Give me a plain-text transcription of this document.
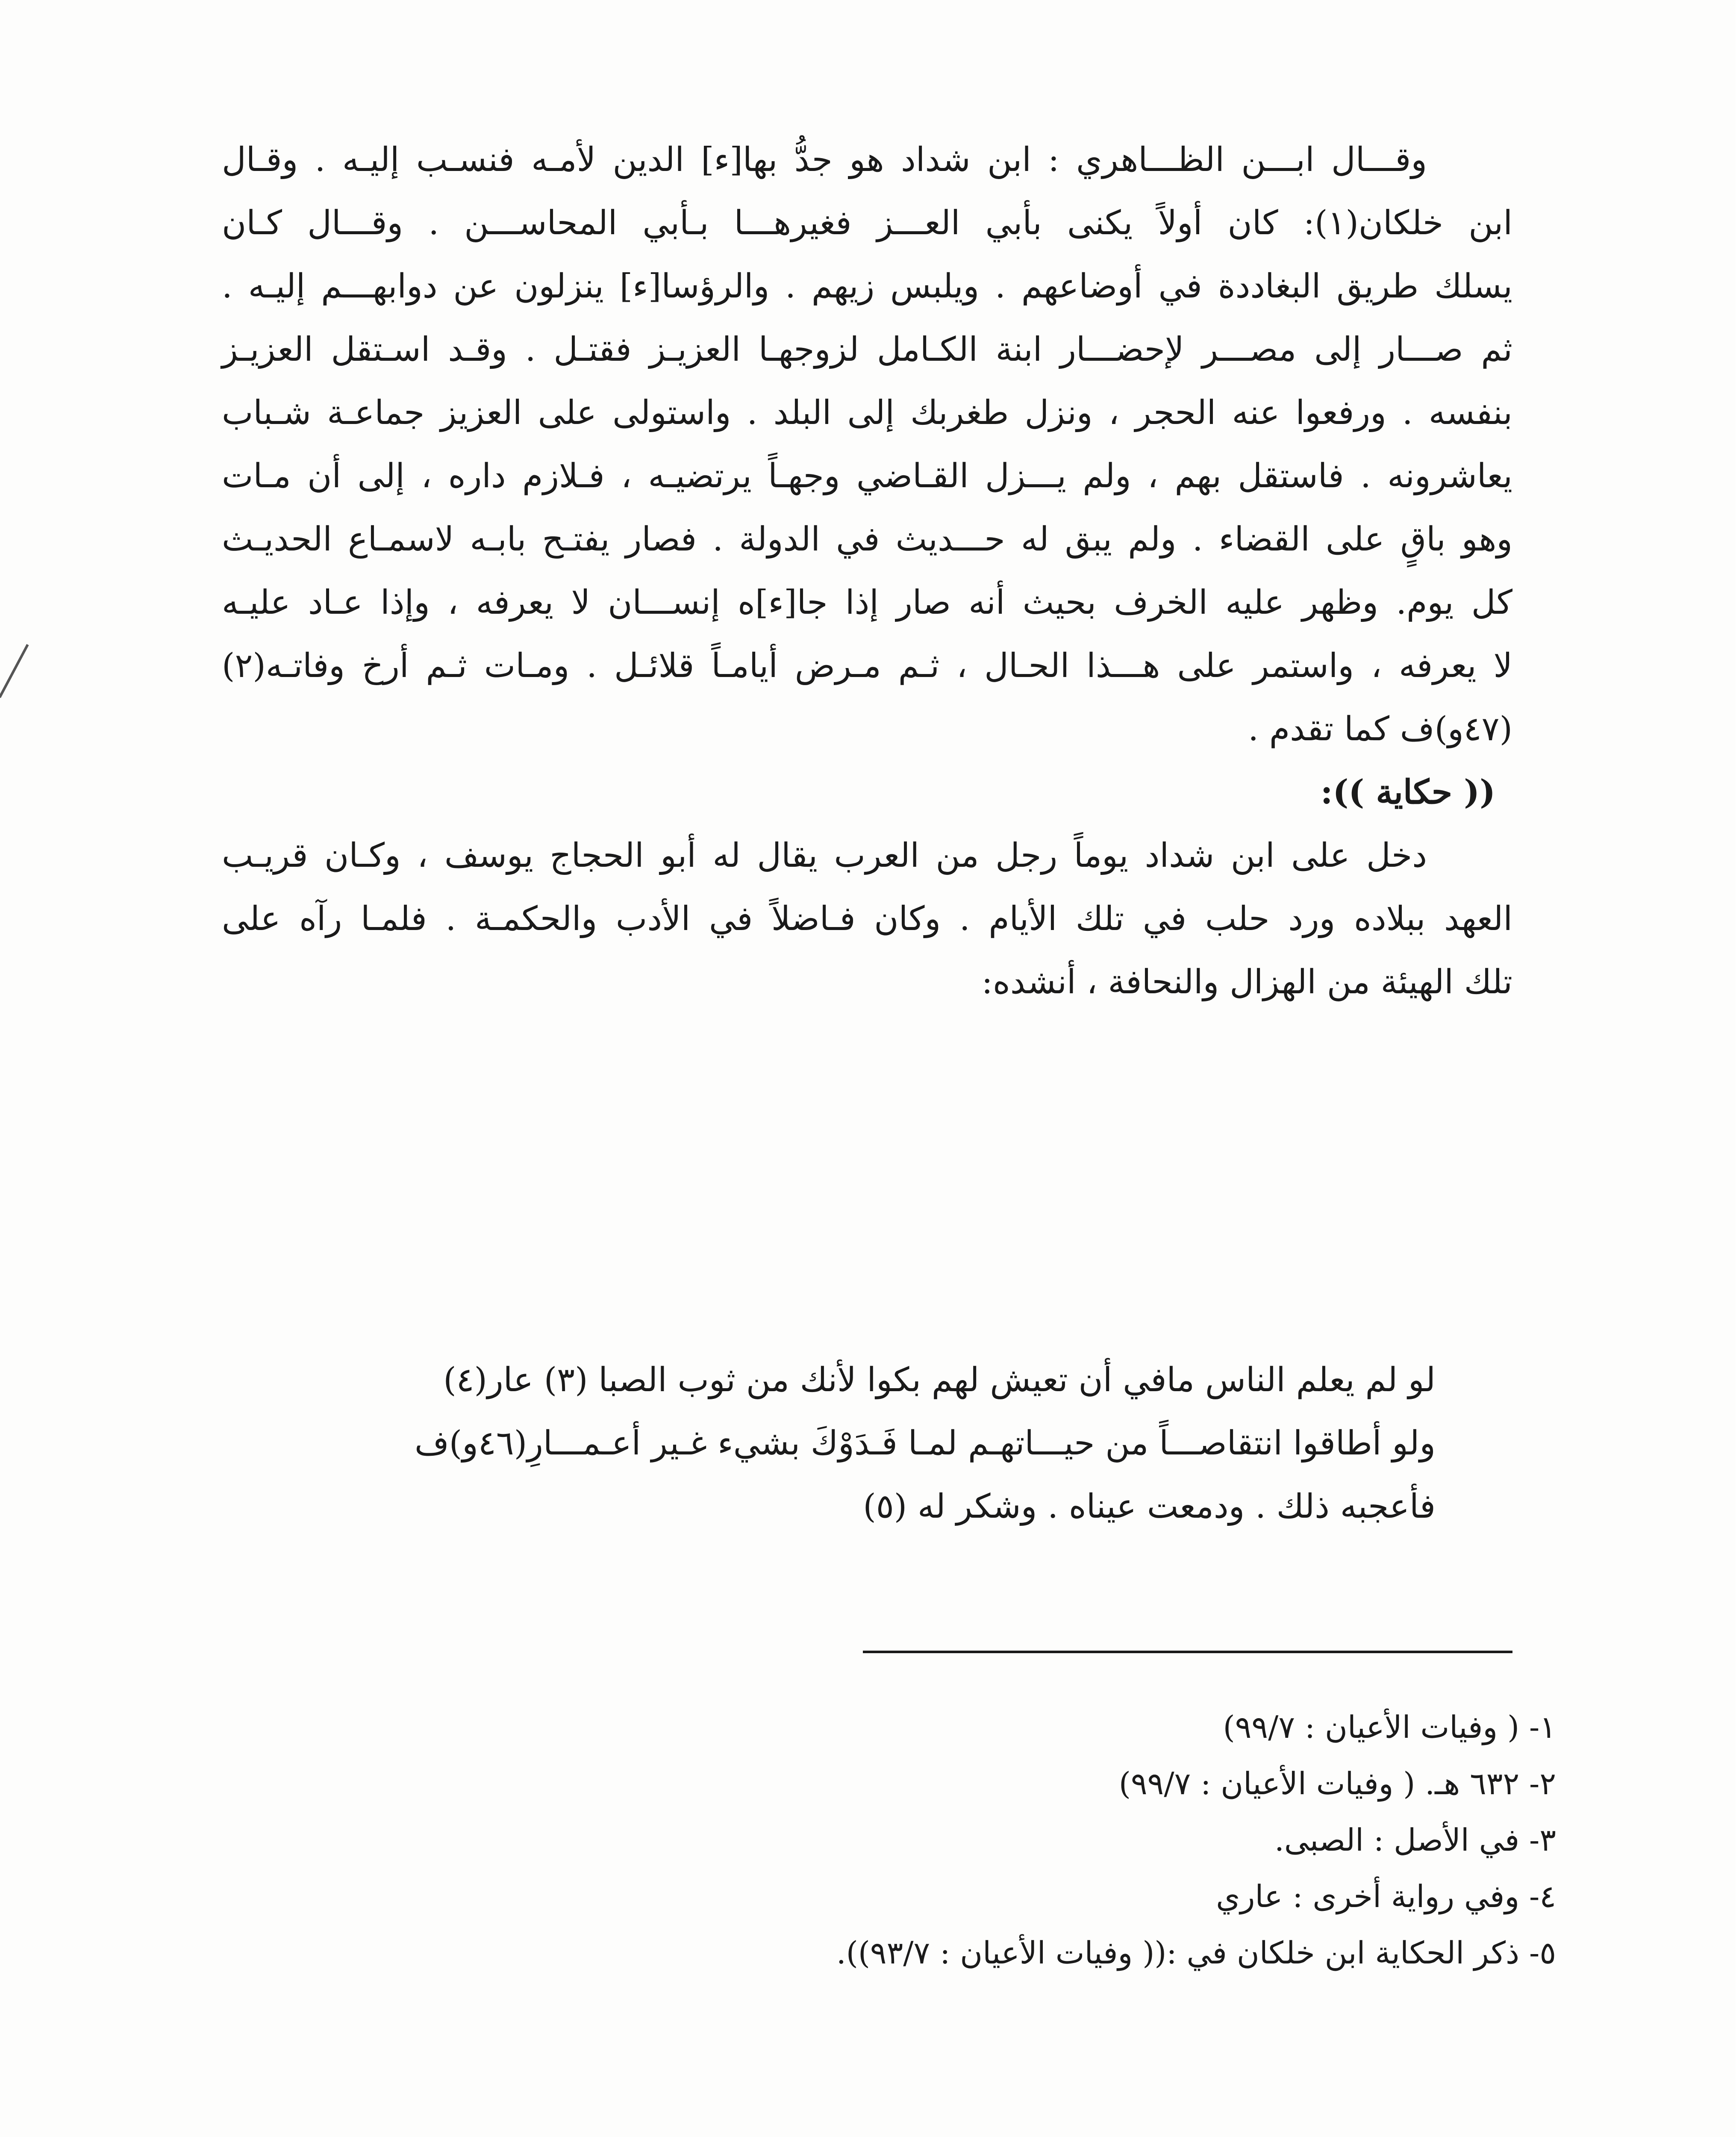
وقـــال ابـــن الظـــاهري : ابن شداد هو جدُّ بها[ء] الدين لأمـه فنسـب إليـه . وقـال
ابن خلكان(١): كان أولاً يكنى بأبي العـــز فغيرهـــا بـأبي المحاســـن . وقـــال كـان
يسلك طريق البغاددة في أوضاعهم . ويلبس زيهم . والرؤسا[ء] ينزلون عن دوابهـــم إليـه .
ثم صـــار إلى مصـــر لإحضـــار ابنة الكـامل لزوجهـا العزيـز فقتـل . وقـد اسـتقل العزيـز
بنفسه . ورفعوا عنه الحجر ، ونزل طغربك إلى البلد . واستولى على العزيز جماعـة شـباب
يعاشرونه . فاستقل بهم ، ولم يـــزل القـاضي وجهـاً يرتضيـه ، فـلازم داره ، إلى أن مـات
وهو باقٍ على القضاء . ولم يبق له حـــديث في الدولة . فصار يفتـح بابـه لاسمـاع الحديـث
كل يوم. وظهر عليه الخرف بحيث أنه صار إذا جا[ء]ه إنســـان لا يعرفه ، وإذا عـاد عليـه
لا يعرفه ، واستمر على هـــذا الحـال ، ثـم مـرض أيامـاً قلائـل . ومـات ثـم أرخ وفاتـه(٢)
(٤٧و)ف كما تقدم .
(( حكاية )):
دخل على ابن شداد يوماً رجل من العرب يقال له أبو الحجاج يوسف ، وكـان قريـب
العهد ببلاده ورد حلب في تلك الأيام . وكان فـاضلاً في الأدب والحكمـة . فلمـا رآه على
تلك الهيئة من الهزال والنحافة ، أنشده:
لو لم يعلم الناس مافي أن تعيش لهم بكوا لأنك من ثوب الصبا (٣) عار(٤)
ولو أطاقوا انتقاصـــاً من حيـــاتهـم لمـا فَـدَوْكَ بشيء غـير أعـمـــارِ(٤٦و)ف
فأعجبه ذلك . ودمعت عيناه . وشكر له (٥)
١- ( وفيات الأعيان : ٩٩/٧)
٢- ٦٣٢ هـ. ( وفيات الأعيان : ٩٩/٧)
٣- في الأصل : الصبى.
٤- وفي رواية أخرى : عاري
٥- ذكر الحكاية ابن خلكان في :(( وفيات الأعيان : ٩٣/٧)).
